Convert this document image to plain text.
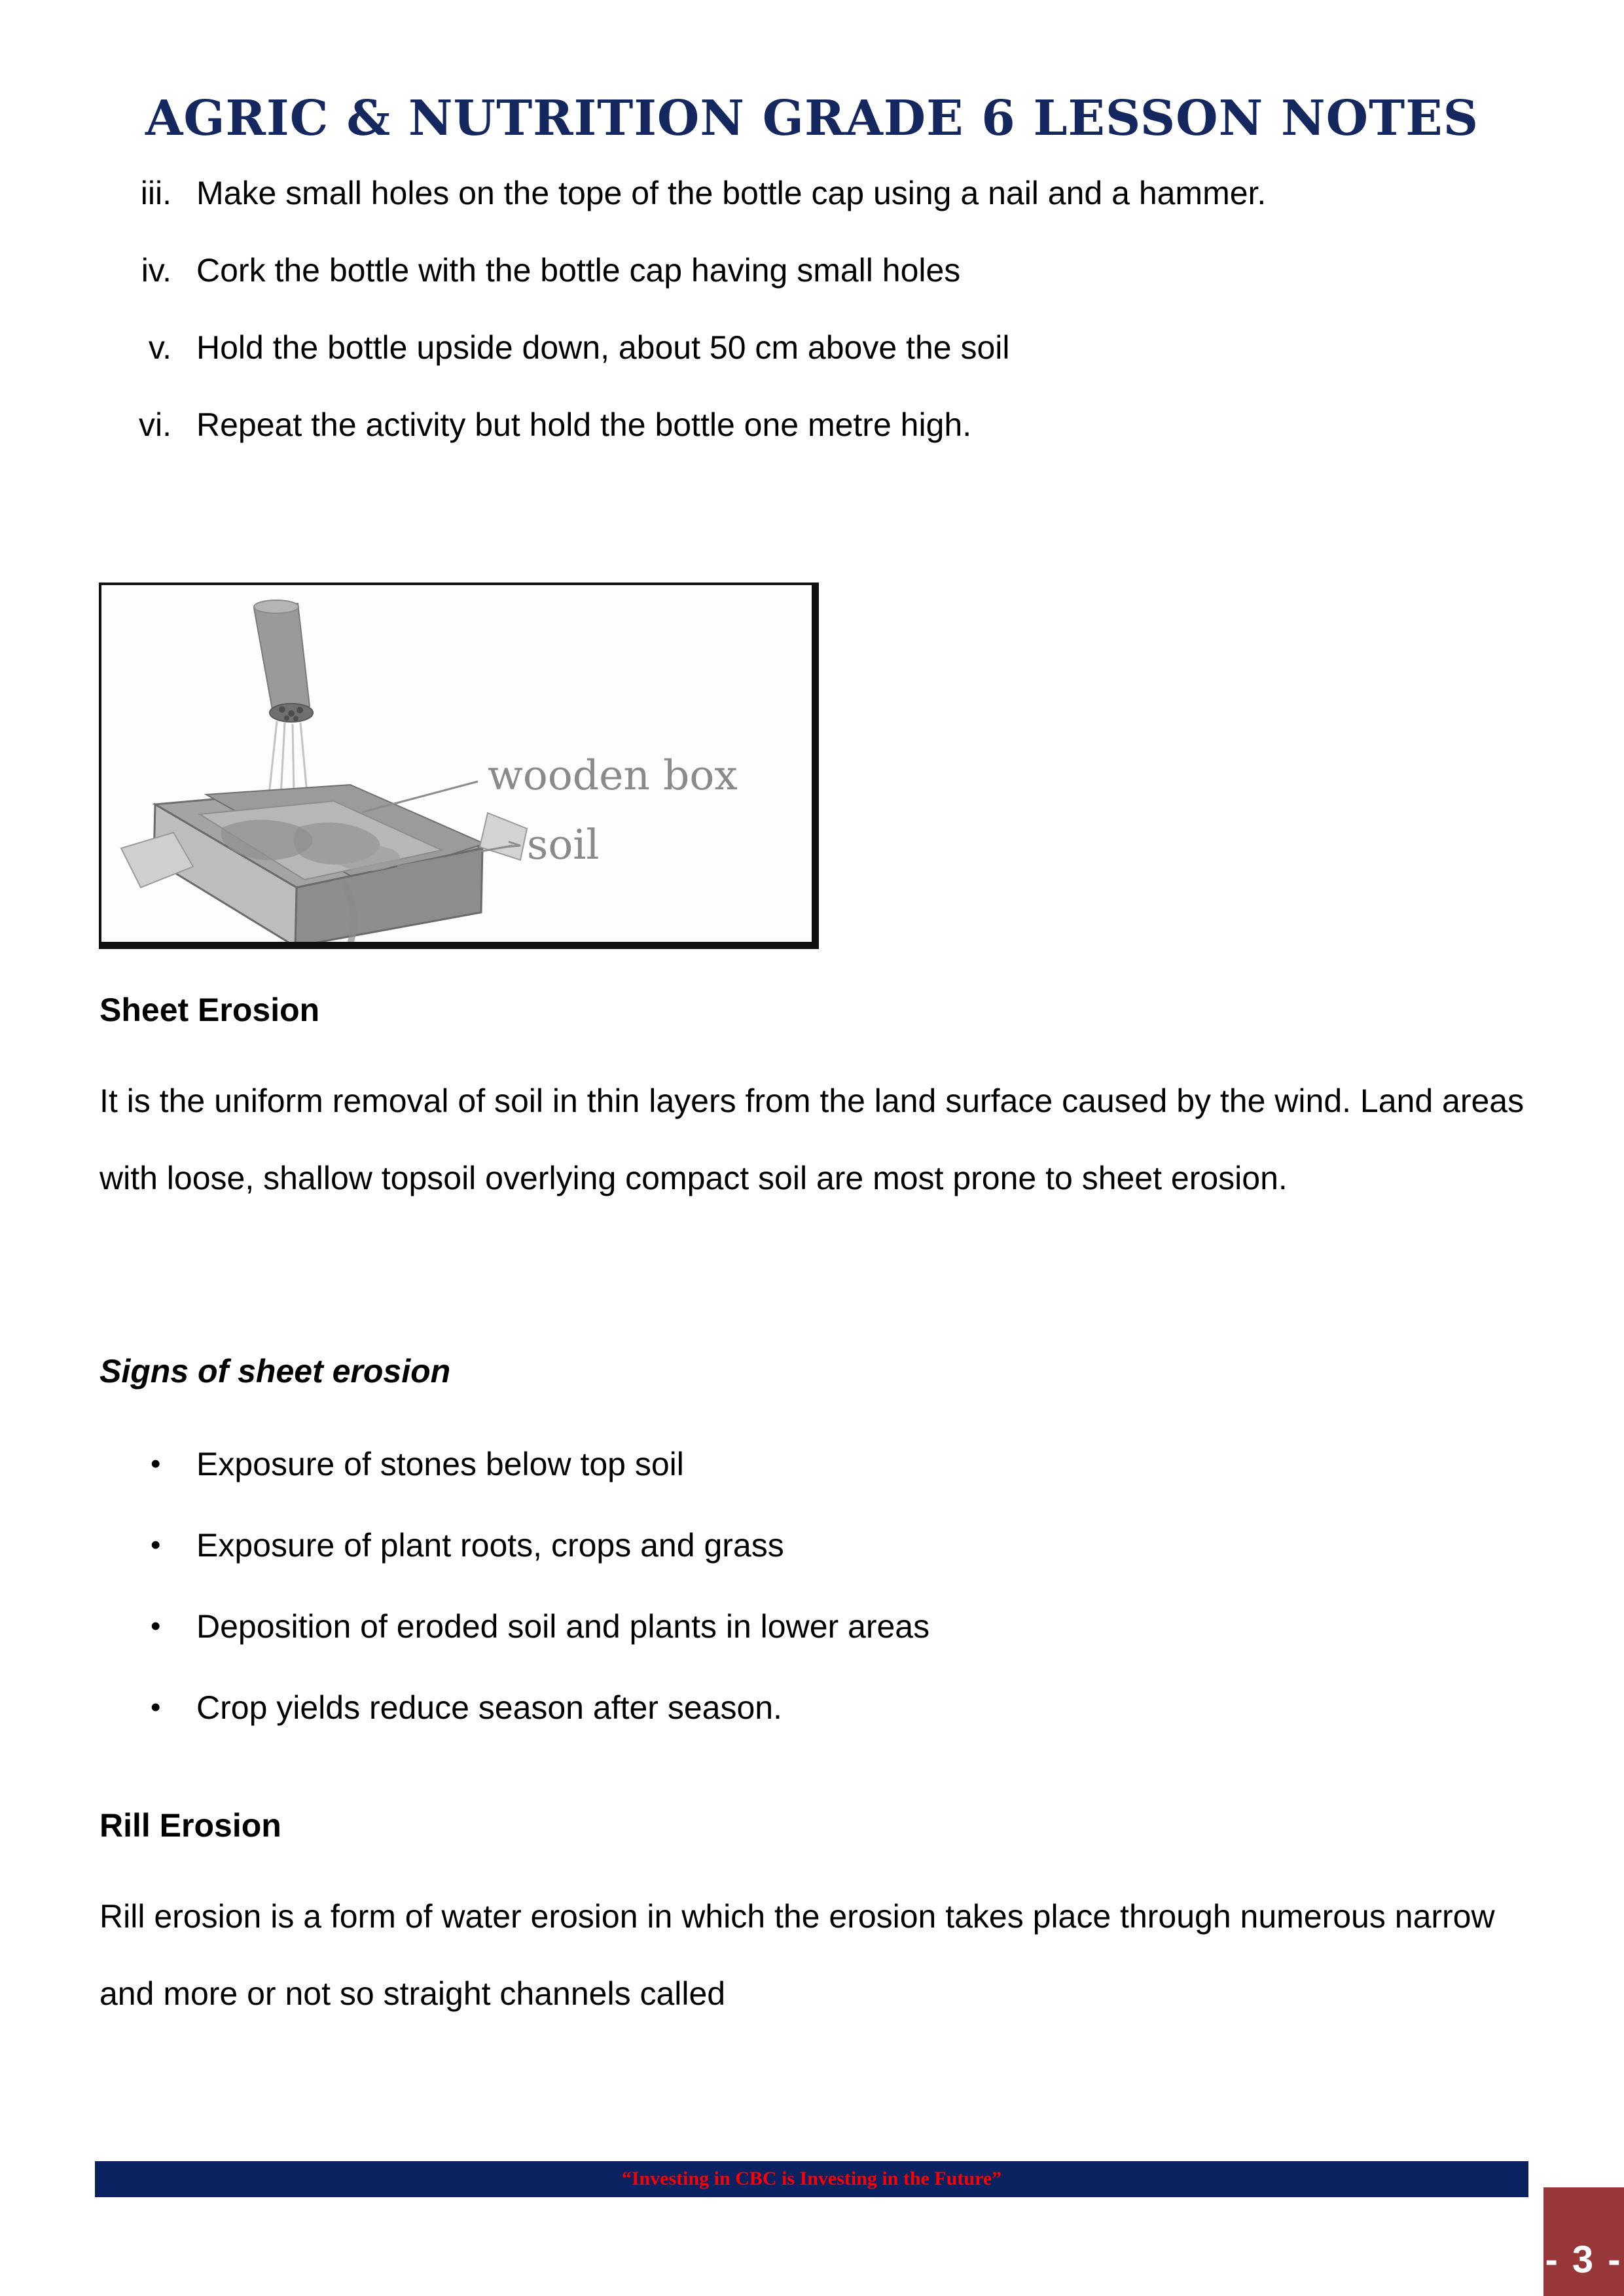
AGRIC & NUTRITION GRADE 6 LESSON NOTES
iii. Make small holes on the tope of the bottle cap using a nail and a hammer.
iv. Cork the bottle with the bottle cap having small holes
v. Hold the bottle upside down, about 50 cm above the soil
vi. Repeat the activity but hold the bottle one metre high.
wooden box
soil
Sheet Erosion

It is the uniform removal of soil in thin layers from the land surface caused by the wind. Land areas with loose, shallow topsoil overlying compact soil are most prone to sheet erosion.

Signs of sheet erosion
• Exposure of stones below top soil
• Exposure of plant roots, crops and grass
• Deposition of eroded soil and plants in lower areas
• Crop yields reduce season after season.
Rill Erosion

Rill erosion is a form of water erosion in which the erosion takes place through numerous narrow and more or not so straight channels called

“Investing in CBC is Investing in the Future”
- 3 -
